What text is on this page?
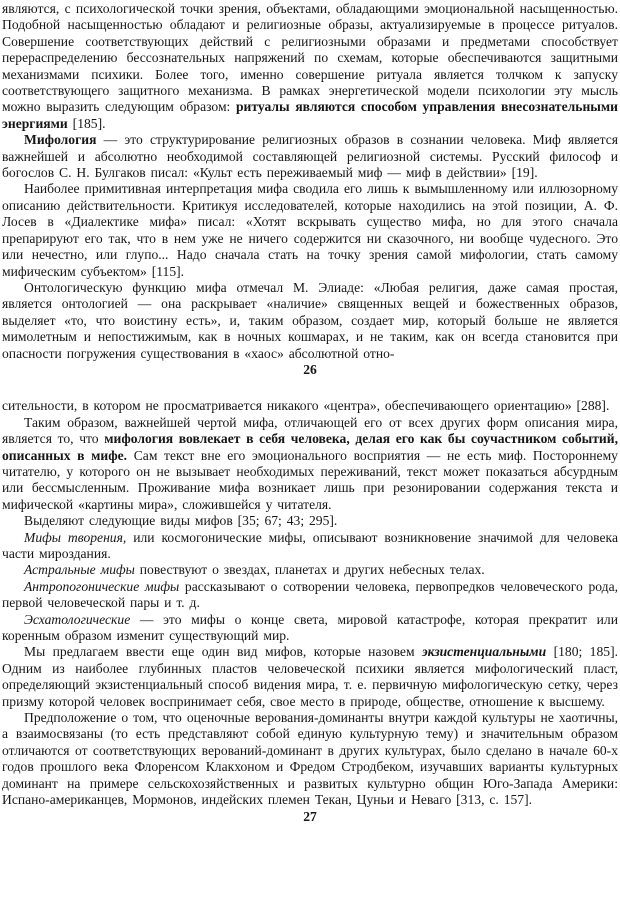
являются, с психологической точки зрения, объектами, обладающими эмоциональной насыщенностью. Подобной насыщенностью обладают и религиозные образы, актуализируемые в процессе ритуалов. Совершение соответствующих действий с религиозными образами и предметами способствует перераспределению бессознательных напряжений по схемам, которые обеспечиваются защитными механизмами психики. Более того, именно совершение ритуала является толчком к запуску соответствующего защитного механизма. В рамках энергетической модели психологии эту мысль можно выразить следующим образом: ритуалы являются способом управления внесознательными энергиями [185].

Мифология — это структурирование религиозных образов в сознании человека. Миф является важнейшей и абсолютно необходимой составляющей религиозной системы. Русский философ и богослов С. Н. Булгаков писал: «Культ есть переживаемый миф — миф в действии» [19].

Наиболее примитивная интерпретация мифа сводила его лишь к вымышленному или иллюзорному описанию действительности. Критикуя исследователей, которые находились на этой позиции, А. Ф. Лосев в «Диалектике мифа» писал: «Хотят вскрывать существо мифа, но для этого сначала препарируют его так, что в нем уже не ничего содержится ни сказочного, ни вообще чудесного. Это или нечестно, или глупо... Надо сначала стать на точку зрения самой мифологии, стать самому мифическим субъектом» [115].

Онтологическую функцию мифа отмечал М. Элиаде: «Любая религия, даже самая простая, является онтологией — она раскрывает «наличие» священных вещей и божественных образов, выделяет «то, что воистину есть», и, таким образом, создает мир, который больше не является мимолетным и непостижимым, как в ночных кошмарах, и не таким, как он всегда становится при опасности погружения существования в «хаос» абсолютной отно-

26

сительности, в котором не просматривается никакого «центра», обеспечивающего ориентацию» [288].

Таким образом, важнейшей чертой мифа, отличающей его от всех других форм описания мира, является то, что мифология вовлекает в себя человека, делая его как бы соучастником событий, описанных в мифе. Сам текст вне его эмоционального восприятия — не есть миф. Постороннему читателю, у которого он не вызывает необходимых переживаний, текст может показаться абсурдным или бессмысленным. Проживание мифа возникает лишь при резонировании содержания текста и мифической «картины мира», сложившейся у читателя.

Выделяют следующие виды мифов [35; 67; 43; 295].

Мифы творения, или космогонические мифы, описывают возникновение значимой для человека части мироздания.

Астральные мифы повествуют о звездах, планетах и других небесных телах.

Антропогонические мифы рассказывают о сотворении человека, первопредков человеческого рода, первой человеческой пары и т. д.

Эсхатологические — это мифы о конце света, мировой катастрофе, которая прекратит или коренным образом изменит существующий мир.

Мы предлагаем ввести еще один вид мифов, которые назовем экзистенциальными [180; 185]. Одним из наиболее глубинных пластов человеческой психики является мифологический пласт, определяющий экзистенциальный способ видения мира, т. е. первичную мифологическую сетку, через призму которой человек воспринимает себя, свое место в природе, обществе, отношение к высшему.

Предположение о том, что оценочные верования-доминанты внутри каждой культуры не хаотичны, а взаимосвязаны (то есть представляют собой единую культурную тему) и значительным образом отличаются от соответствующих верований-доминант в других культурах, было сделано в начале 60-х годов прошлого века Флоренсом Клакхоном и Фредом Стродбеком, изучавших варианты культурных доминант на примере сельскохозяйственных и развитых культурно общин Юго-Запада Америки: Испано-американцев, Мормонов, индейских племен Текан, Цуньи и Неваго [313, с. 157].

27
